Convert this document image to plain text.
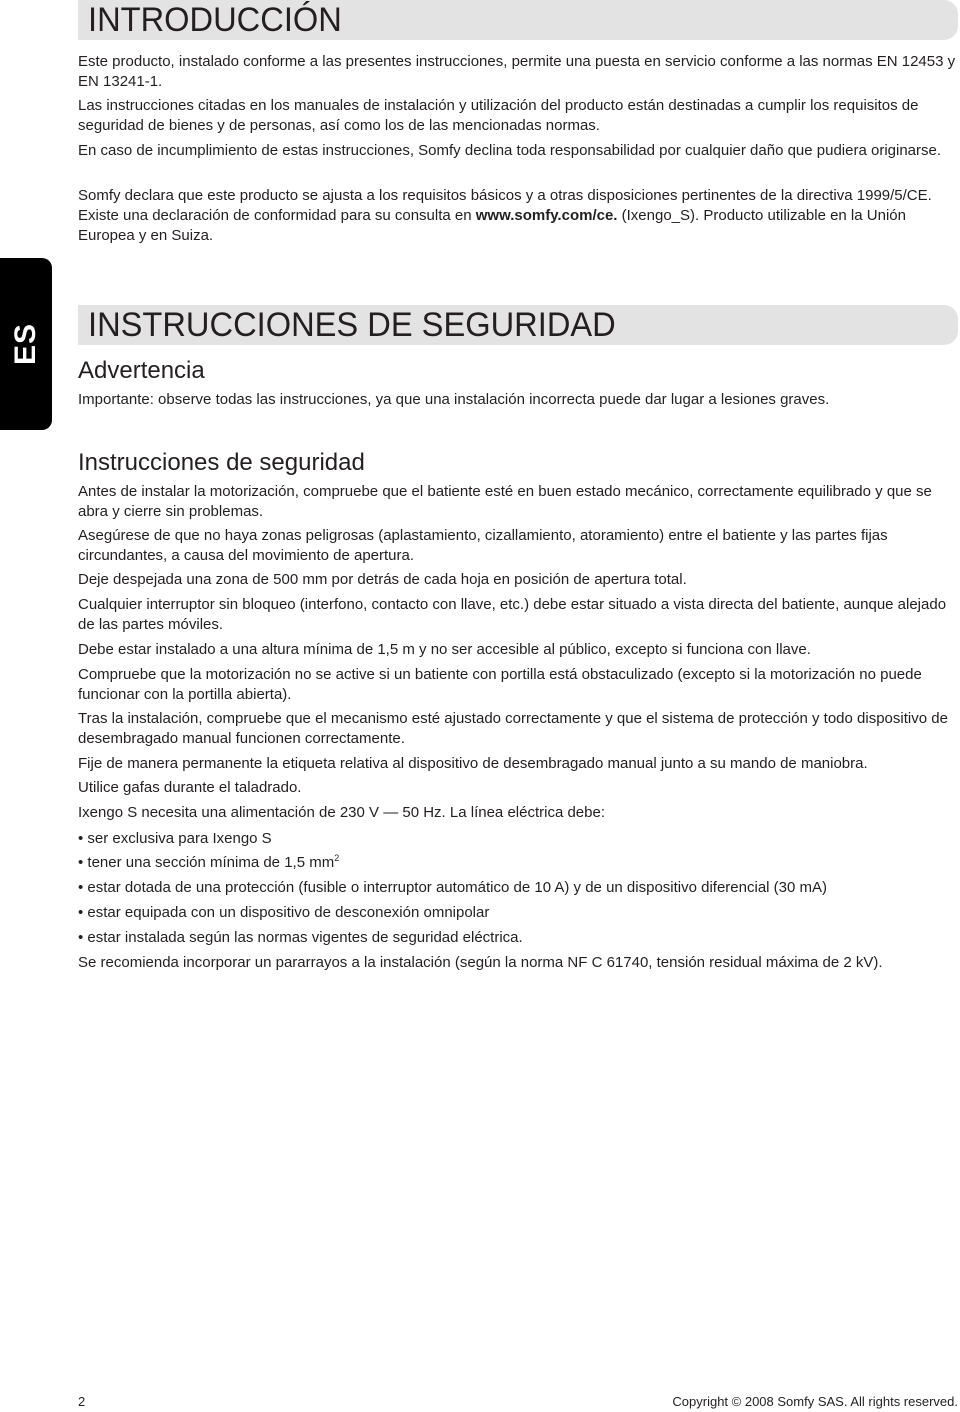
INTRODUCCIÓN

Este producto, instalado conforme a las presentes instrucciones, permite una puesta en servicio conforme a las normas EN 12453 y EN 13241-1.

Las instrucciones citadas en los manuales de instalación y utilización del producto están destinadas a cumplir los requisitos de seguridad de bienes y de personas, así como los de las mencionadas normas.

En caso de incumplimiento de estas instrucciones, Somfy declina toda responsabilidad por cualquier daño que pudiera originarse.

Somfy declara que este producto se ajusta a los requisitos básicos y a otras disposiciones pertinentes de la directiva 1999/5/CE. Existe una declaración de conformidad para su consulta en www.somfy.com/ce. (Ixengo_S). Producto utilizable en la Unión Europea y en Suiza.

ES INSTRUCCIONES DE SEGURIDAD
Advertencia

Importante: observe todas las instrucciones, ya que una instalación incorrecta puede dar lugar a lesiones graves.

Instrucciones de seguridad

Antes de instalar la motorización, compruebe que el batiente esté en buen estado mecánico, correctamente equilibrado y que se abra y cierre sin problemas.

Asegúrese de que no haya zonas peligrosas (aplastamiento, cizallamiento, atoramiento) entre el batiente y las partes fijas circundantes, a causa del movimiento de apertura.

Deje despejada una zona de 500 mm por detrás de cada hoja en posición de apertura total.

Cualquier interruptor sin bloqueo (interfono, contacto con llave, etc.) debe estar situado a vista directa del batiente, aunque alejado de las partes móviles.

Debe estar instalado a una altura mínima de 1,5 m y no ser accesible al público, excepto si funciona con llave.

Compruebe que la motorización no se active si un batiente con portilla está obstaculizado (excepto si la motorización no puede funcionar con la portilla abierta).

Tras la instalación, compruebe que el mecanismo esté ajustado correctamente y que el sistema de protección y todo dispositivo de desembragado manual funcionen correctamente.

Fije de manera permanente la etiqueta relativa al dispositivo de desembragado manual junto a su mando de maniobra.

Utilice gafas durante el taladrado.

Ixengo S necesita una alimentación de 230 V — 50 Hz. La línea eléctrica debe:

• ser exclusiva para Ixengo S

• tener una sección mínima de 1,5 $mm^2$

• estar dotada de una protección (fusible o interruptor automático de 10 A) y de un dispositivo diferencial (30 mA)

• estar equipada con un dispositivo de desconexión omnipolar

• estar instalada según las normas vigentes de seguridad eléctrica.

Se recomienda incorporar un pararrayos a la instalación (según la norma NF C 61740, tensión residual máxima de 2 kV).

2	Copyright © 2008 Somfy SAS. All rights reserved.
